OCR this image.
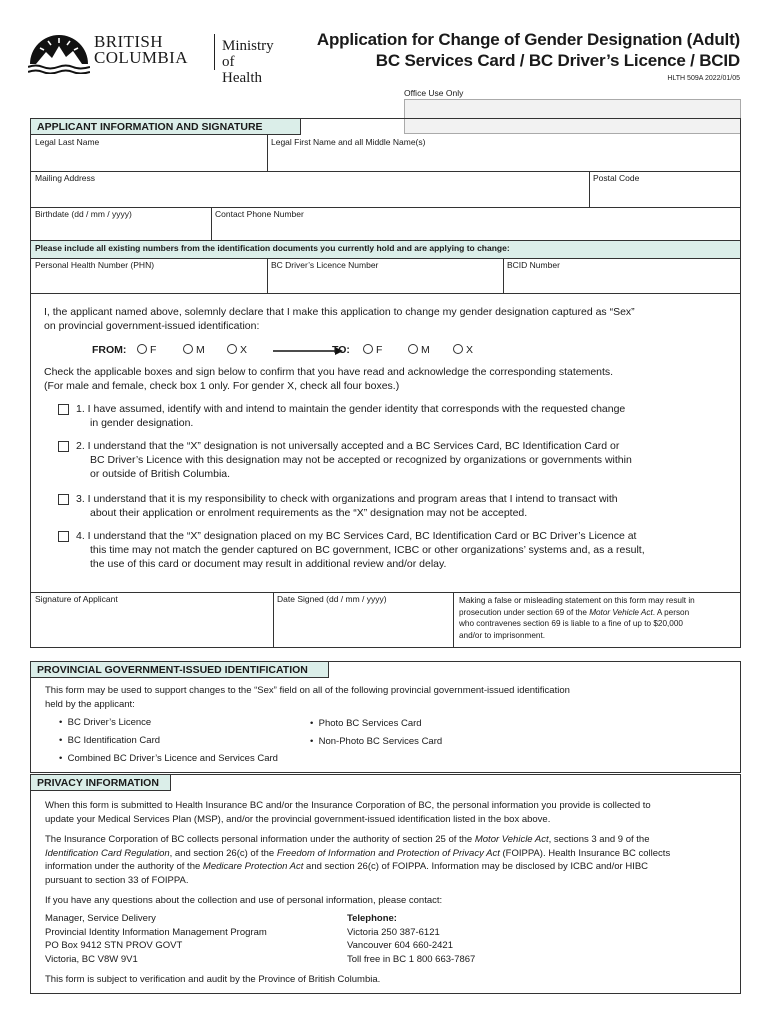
BRITISH
COLUMBIA
Ministry of
Health
Application for Change of Gender Designation (Adult)
BC Services Card / BC Driver’s Licence / BCID
HLTH 509A 2022/01/05
Office Use Only
APPLICANT INFORMATION AND SIGNATURE
Legal Last Name	Legal First Name and all Middle Name(s)
Mailing Address	Postal Code
Birthdate (dd / mm / yyyy)	Contact Phone Number
Please include all existing numbers from the identification documents you currently hold and are applying to change:
Personal Health Number (PHN)	BC Driver’s Licence Number	BCID Number
I, the applicant named above, solemnly declare that I make this application to change my gender designation captured as “Sex”
on provincial government-issued identification:
FROM:	F	M	X	TO:	F	M	X
Check the applicable boxes and sign below to confirm that you have read and acknowledge the corresponding statements.
(For male and female, check box 1 only. For gender X, check all four boxes.)
1. I have assumed, identify with and intend to maintain the gender identity that corresponds with the requested change
in gender designation.
2. I understand that the “X” designation is not universally accepted and a BC Services Card, BC Identification Card or
BC Driver’s Licence with this designation may not be accepted or recognized by organizations or governments within
or outside of British Columbia.
3. I understand that it is my responsibility to check with organizations and program areas that I intend to transact with
about their application or enrolment requirements as the “X” designation may not be accepted.
4. I understand that the “X” designation placed on my BC Services Card, BC Identification Card or BC Driver’s Licence at
this time may not match the gender captured on BC government, ICBC or other organizations’ systems and, as a result,
the use of this card or document may result in additional review and/or delay.
Signature of Applicant	Date Signed (dd / mm / yyyy)	Making a false or misleading statement on this form may result in
prosecution under section 69 of the Motor Vehicle Act. A person
who contravenes section 69 is liable to a fine of up to $20,000
and/or to imprisonment.
PROVINCIAL GOVERNMENT-ISSUED IDENTIFICATION
This form may be used to support changes to the “Sex” field on all of the following provincial government-issued identification
held by the applicant:
•  BC Driver’s Licence
•  BC Identification Card
•  Combined BC Driver’s Licence and Services Card
•  Photo BC Services Card
•  Non-Photo BC Services Card
PRIVACY INFORMATION
When this form is submitted to Health Insurance BC and/or the Insurance Corporation of BC, the personal information you provide is collected to
update your Medical Services Plan (MSP), and/or the provincial government-issued identification listed in the box above.
The Insurance Corporation of BC collects personal information under the authority of section 25 of the Motor Vehicle Act, sections 3 and 9 of the
Identification Card Regulation, and section 26(c) of the Freedom of Information and Protection of Privacy Act (FOIPPA). Health Insurance BC collects
information under the authority of the Medicare Protection Act and section 26(c) of FOIPPA. Information may be disclosed by ICBC and/or HIBC
pursuant to section 33 of FOIPPA.
If you have any questions about the collection and use of personal information, please contact:
Manager, Service Delivery
Provincial Identity Information Management Program
PO Box 9412 STN PROV GOVT
Victoria, BC V8W 9V1
Telephone:
Victoria 250 387-6121
Vancouver 604 660-2421
Toll free in BC 1 800 663-7867
This form is subject to verification and audit by the Province of British Columbia.
